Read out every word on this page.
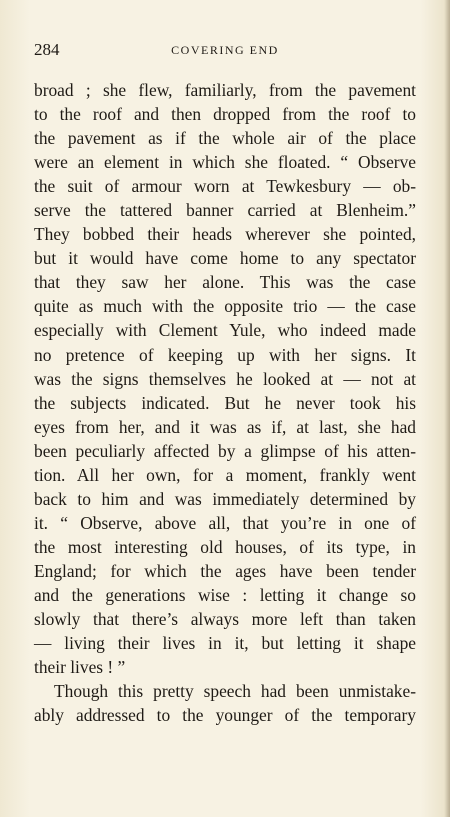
284	COVERING END
broad ; she flew, familiarly, from the pavement
to the roof and then dropped from the roof to
the pavement as if the whole air of the place
were an element in which she floated. “ Observe
the suit of armour worn at Tewkesbury — ob-
serve the tattered banner carried at Blenheim.”
They bobbed their heads wherever she pointed,
but it would have come home to any spectator
that they saw her alone. This was the case
quite as much with the opposite trio — the case
especially with Clement Yule, who indeed made
no pretence of keeping up with her signs. It
was the signs themselves he looked at — not at
the subjects indicated. But he never took his
eyes from her, and it was as if, at last, she had
been peculiarly affected by a glimpse of his atten-
tion. All her own, for a moment, frankly went
back to him and was immediately determined by
it. “ Observe, above all, that you’re in one of
the most interesting old houses, of its type, in
England; for which the ages have been tender
and the generations wise : letting it change so
slowly that there’s always more left than taken
— living their lives in it, but letting it shape
their lives ! ”
Though this pretty speech had been unmistake-
ably addressed to the younger of the temporary
